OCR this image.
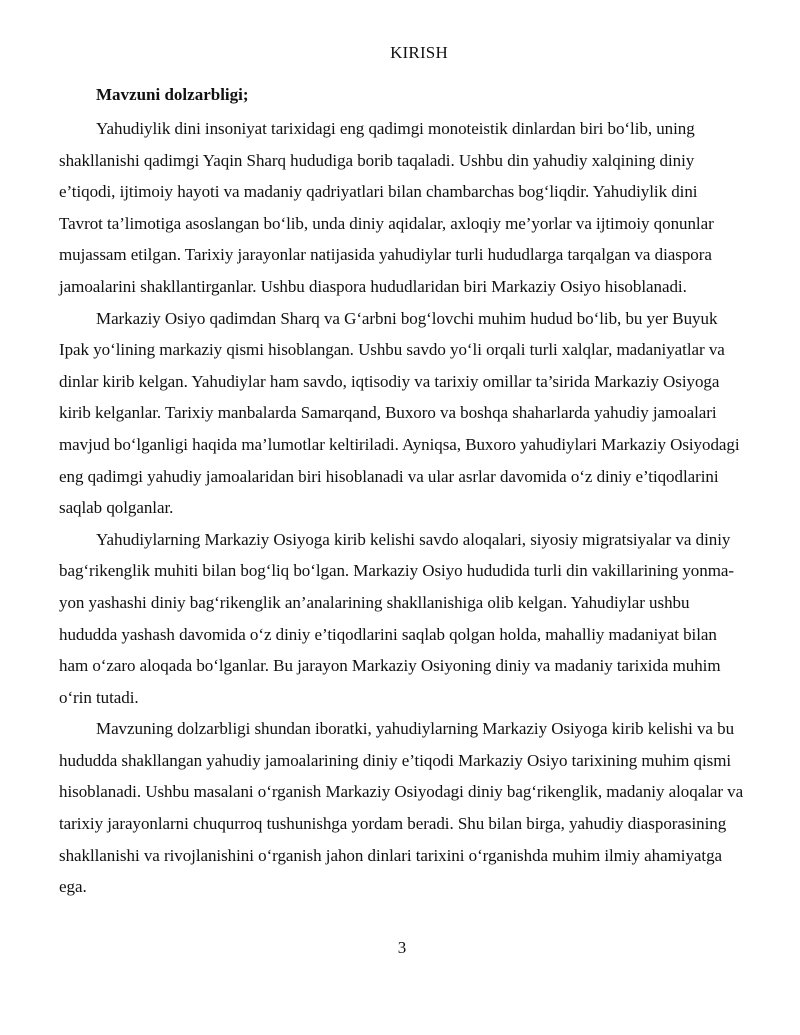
KIRISH
Mavzuni dolzarbligi;

Yahudiylik dini insoniyat tarixidagi eng qadimgi monoteistik dinlardan biri bo‘lib, uning shakllanishi qadimgi Yaqin Sharq hududiga borib taqaladi. Ushbu din yahudiy xalqining diniy e’tiqodi, ijtimoiy hayoti va madaniy qadriyatlari bilan chambarchas bog‘liqdir. Yahudiylik dini Tavrot ta’limotiga asoslangan bo‘lib, unda diniy aqidalar, axloqiy me’yorlar va ijtimoiy qonunlar mujassam etilgan. Tarixiy jarayonlar natijasida yahudiylar turli hududlarga tarqalgan va diaspora jamoalarini shakllantirganlar. Ushbu diaspora hududlaridan biri Markaziy Osiyo hisoblanadi.

Markaziy Osiyo qadimdan Sharq va G‘arbni bog‘lovchi muhim hudud bo‘lib, bu yer Buyuk Ipak yo‘lining markaziy qismi hisoblangan. Ushbu savdo yo‘li orqali turli xalqlar, madaniyatlar va dinlar kirib kelgan. Yahudiylar ham savdo, iqtisodiy va tarixiy omillar ta’sirida Markaziy Osiyoga kirib kelganlar. Tarixiy manbalarda Samarqand, Buxoro va boshqa shaharlarda yahudiy jamoalari mavjud bo‘lganligi haqida ma’lumotlar keltiriladi. Ayniqsa, Buxoro yahudiylari Markaziy Osiyodagi eng qadimgi yahudiy jamoalaridan biri hisoblanadi va ular asrlar davomida o‘z diniy e’tiqodlarini saqlab qolganlar.

Yahudiylarning Markaziy Osiyoga kirib kelishi savdo aloqalari, siyosiy migratsiyalar va diniy bag‘rikenglik muhiti bilan bog‘liq bo‘lgan. Markaziy Osiyo hududida turli din vakillarining yonma-yon yashashi diniy bag‘rikenglik an’analarining shakllanishiga olib kelgan. Yahudiylar ushbu hududda yashash davomida o‘z diniy e’tiqodlarini saqlab qolgan holda, mahalliy madaniyat bilan ham o‘zaro aloqada bo‘lganlar. Bu jarayon Markaziy Osiyoning diniy va madaniy tarixida muhim o‘rin tutadi.

Mavzuning dolzarbligi shundan iboratki, yahudiylarning Markaziy Osiyoga kirib kelishi va bu hududda shakllangan yahudiy jamoalarining diniy e’tiqodi Markaziy Osiyo tarixining muhim qismi hisoblanadi. Ushbu masalani o‘rganish Markaziy Osiyodagi diniy bag‘rikenglik, madaniy aloqalar va tarixiy jarayonlarni chuqurroq tushunishga yordam beradi. Shu bilan birga, yahudiy diasporasining shakllanishi va rivojlanishini o‘rganish jahon dinlari tarixini o‘rganishda muhim ilmiy ahamiyatga ega.

3
